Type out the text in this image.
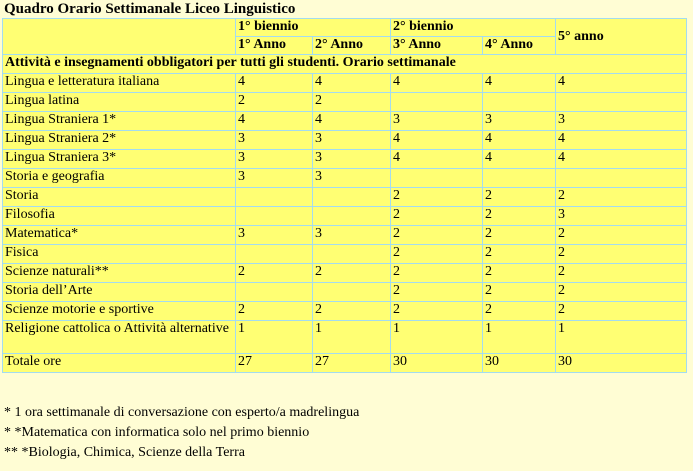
Quadro Orario Settimanale Liceo Linguistico
	1° biennio		2° biennio		5° anno
	1° Anno	2° Anno	3° Anno	4° Anno	
Attività e insegnamenti obbligatori per tutti gli studenti. Orario settimanale					
Lingua e letteratura italiana	4	4	4	4	4
Lingua latina	2	2			
Lingua Straniera 1*	4	4	3	3	3
Lingua Straniera 2*	3	3	4	4	4
Lingua Straniera 3*	3	3	4	4	4
Storia e geografia	3	3			
Storia			2	2	2
Filosofia			2	2	3
Matematica*	3	3	2	2	2
Fisica			2	2	2
Scienze naturali**	2	2	2	2	2
Storia dell’Arte			2	2	2
Scienze motorie e sportive	2	2	2	2	2
Religione cattolica o Attività alternative	1	1	1	1	1
Totale ore	27	27	30	30	30
* 1 ora settimanale di conversazione con esperto/a madrelingua
* *Matematica con informatica solo nel primo biennio
** *Biologia, Chimica, Scienze della Terra
